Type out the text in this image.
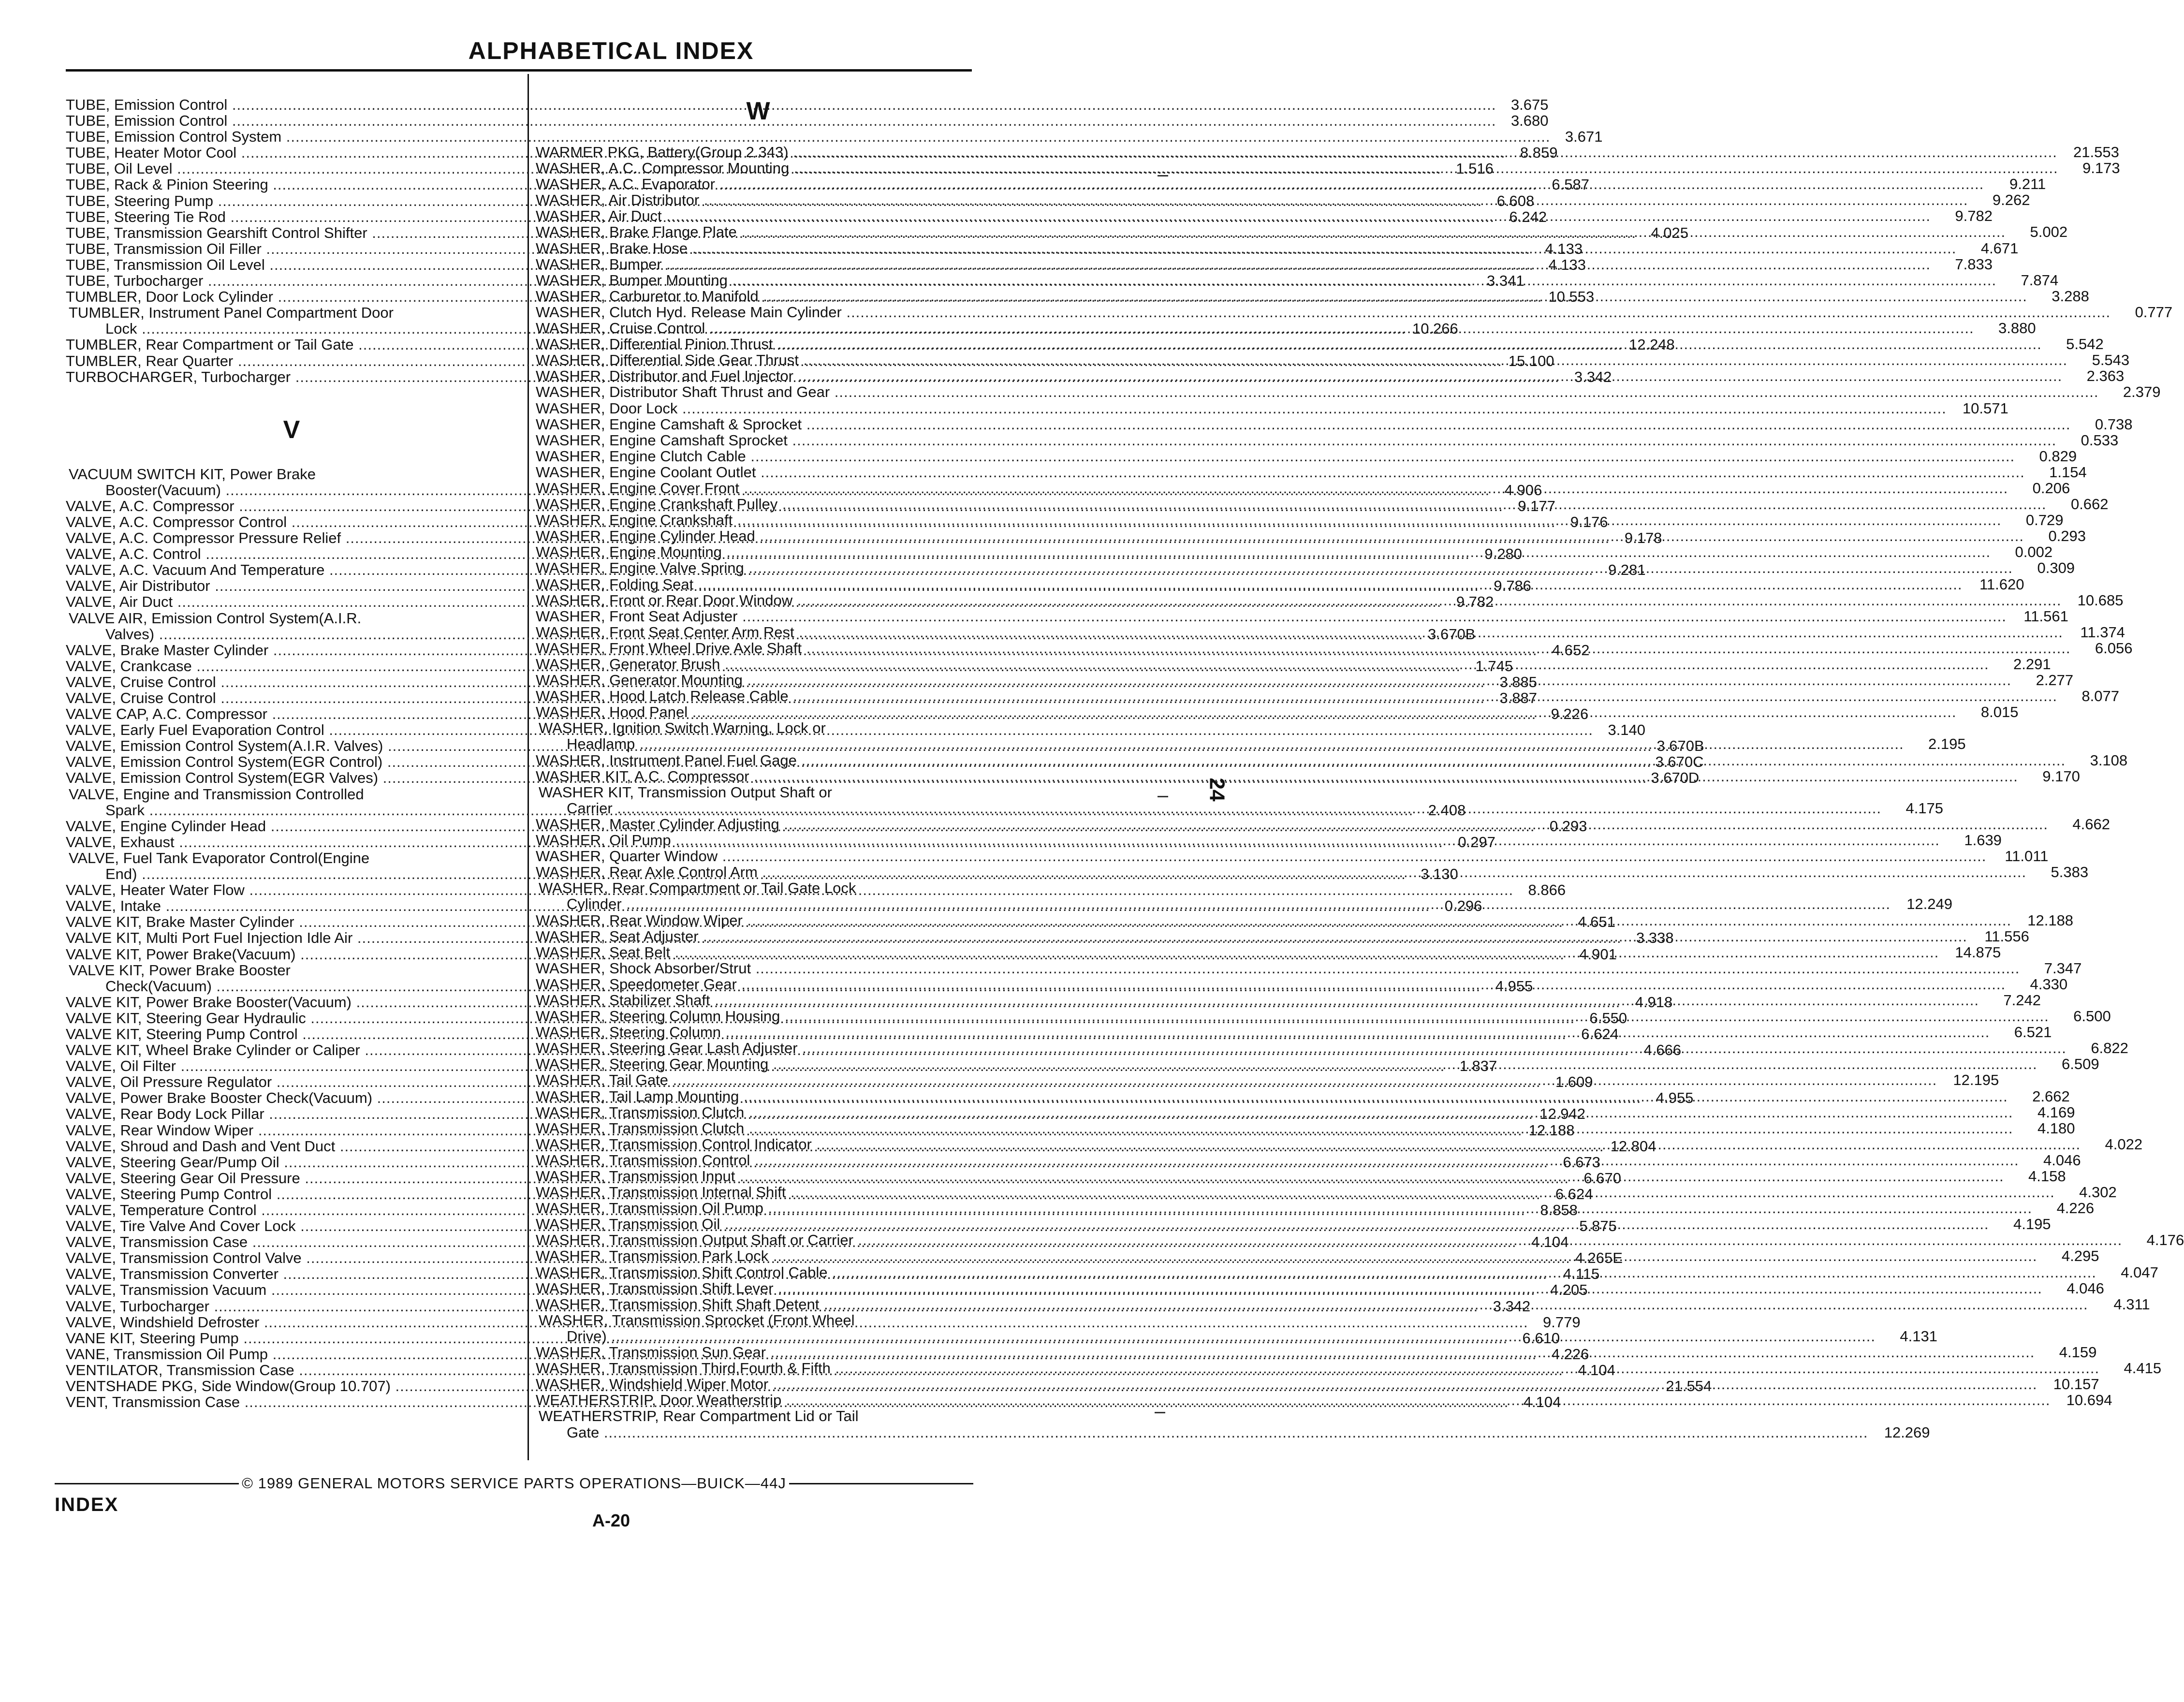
ALPHABETICAL INDEX
TUBE, Emission Control .....	3.675
TUBE, Emission Control .....	3.680
TUBE, Emission Control System .....	3.671
TUBE, Heater Motor Cool .....	8.859
TUBE, Oil Level .....	1.516
TUBE, Rack & Pinion Steering .....	6.587
TUBE, Steering Pump .....	6.608
TUBE, Steering Tie Rod .....	6.242
TUBE, Transmission Gearshift Control Shifter .....	4.025
TUBE, Transmission Oil Filler .....	4.133
TUBE, Transmission Oil Level .....	4.133
TUBE, Turbocharger .....	3.341
TUMBLER, Door Lock Cylinder .....	10.553
TUMBLER, Instrument Panel Compartment Door
Lock .....	10.266
TUMBLER, Rear Compartment or Tail Gate .....	12.248
TUMBLER, Rear Quarter .....	15.100
TURBOCHARGER, Turbocharger .....	3.342
V
VACUUM SWITCH KIT, Power Brake
Booster(Vacuum) .....	4.906
VALVE, A.C. Compressor .....	9.177
VALVE, A.C. Compressor Control .....	9.176
VALVE, A.C. Compressor Pressure Relief .....	9.178
VALVE, A.C. Control .....	9.280
VALVE, A.C. Vacuum And Temperature .....	9.281
VALVE, Air Distributor .....	9.786
VALVE, Air Duct .....	9.782
VALVE AIR, Emission Control System(A.I.R.
Valves) .....	3.670B
VALVE, Brake Master Cylinder .....	4.652
VALVE, Crankcase .....	1.745
VALVE, Cruise Control .....	3.885
VALVE, Cruise Control .....	3.887
VALVE CAP, A.C. Compressor .....	9.226
VALVE, Early Fuel Evaporation Control .....	3.140
VALVE, Emission Control System(A.I.R. Valves) .....	3.670B
VALVE, Emission Control System(EGR Control) .....	3.670C
VALVE, Emission Control System(EGR Valves) .....	3.670D
VALVE, Engine and Transmission Controlled
Spark .....	2.408
VALVE, Engine Cylinder Head .....	0.293
VALVE, Exhaust .....	0.297
VALVE, Fuel Tank Evaporator Control(Engine
End) .....	3.130
VALVE, Heater Water Flow .....	8.866
VALVE, Intake .....	0.296
VALVE KIT, Brake Master Cylinder .....	4.651
VALVE KIT, Multi Port Fuel Injection Idle Air .....	3.338
VALVE KIT, Power Brake(Vacuum) .....	4.901
VALVE KIT, Power Brake Booster
Check(Vacuum) .....	4.955
VALVE KIT, Power Brake Booster(Vacuum) .....	4.918
VALVE KIT, Steering Gear Hydraulic .....	6.550
VALVE KIT, Steering Pump Control .....	6.624
VALVE KIT, Wheel Brake Cylinder or Caliper .....	4.666
VALVE, Oil Filter .....	1.837
VALVE, Oil Pressure Regulator .....	1.609
VALVE, Power Brake Booster Check(Vacuum) .....	4.955
VALVE, Rear Body Lock Pillar .....	12.942
VALVE, Rear Window Wiper .....	12.188
VALVE, Shroud and Dash and Vent Duct .....	12.804
VALVE, Steering Gear/Pump Oil .....	6.673
VALVE, Steering Gear Oil Pressure .....	6.670
VALVE, Steering Pump Control .....	6.624
VALVE, Temperature Control .....	8.858
VALVE, Tire Valve And Cover Lock .....	5.875
VALVE, Transmission Case .....	4.104
VALVE, Transmission Control Valve .....	4.265E
VALVE, Transmission Converter .....	4.115
VALVE, Transmission Vacuum .....	4.205
VALVE, Turbocharger .....	3.342
VALVE, Windshield Defroster .....	9.779
VANE KIT, Steering Pump .....	6.610
VANE, Transmission Oil Pump .....	4.226
VENTILATOR, Transmission Case .....	4.104
VENTSHADE PKG, Side Window(Group 10.707) .....	21.554
VENT, Transmission Case .....	4.104
W
WARMER PKG, Battery(Group 2.343) .....	21.553
WASHER, A.C. Compressor Mounting .....	9.173
WASHER, A.C. Evaporator .....	9.211
WASHER, Air Distributor .....	9.262
WASHER, Air Duct .....	9.782
WASHER, Brake Flange Plate .....	5.002
WASHER, Brake Hose .....	4.671
WASHER, Bumper .....	7.833
WASHER, Bumper Mounting .....	7.874
WASHER, Carburetor to Manifold .....	3.288
WASHER, Clutch Hyd. Release Main Cylinder .....	0.777
WASHER, Cruise Control .....	3.880
WASHER, Differential Pinion Thrust .....	5.542
WASHER, Differential Side Gear Thrust .....	5.543
WASHER, Distributor and Fuel Injector .....	2.363
WASHER, Distributor Shaft Thrust and Gear .....	2.379
WASHER, Door Lock .....	10.571
WASHER, Engine Camshaft & Sprocket .....	0.738
WASHER, Engine Camshaft Sprocket .....	0.533
WASHER, Engine Clutch Cable .....	0.829
WASHER, Engine Coolant Outlet .....	1.154
WASHER, Engine Cover Front .....	0.206
WASHER, Engine Crankshaft Pulley .....	0.662
WASHER, Engine Crankshaft .....	0.729
WASHER, Engine Cylinder Head .....	0.293
WASHER, Engine Mounting .....	0.002
WASHER, Engine Valve Spring .....	0.309
WASHER, Folding Seat .....	11.620
WASHER, Front or Rear Door Window .....	10.685
WASHER, Front Seat Adjuster .....	11.561
WASHER, Front Seat Center Arm Rest .....	11.374
WASHER, Front Wheel Drive Axle Shaft .....	6.056
WASHER, Generator Brush .....	2.291
WASHER, Generator Mounting .....	2.277
WASHER, Hood Latch Release Cable .....	8.077
WASHER, Hood Panel .....	8.015
WASHER, Ignition Switch Warning, Lock or
Headlamp .....	2.195
WASHER, Instrument Panel Fuel Gage .....	3.108
WASHER KIT, A.C. Compressor .....	9.170
WASHER KIT, Transmission Output Shaft or
Carrier .....	4.175
WASHER, Master Cylinder Adjusting .....	4.662
WASHER, Oil Pump .....	1.639
WASHER, Quarter Window .....	11.011
WASHER, Rear Axle Control Arm .....	5.383
WASHER, Rear Compartment or Tail Gate Lock
Cylinder .....	12.249
WASHER, Rear Window Wiper .....	12.188
WASHER, Seat Adjuster .....	11.556
WASHER, Seat Belt .....	14.875
WASHER, Shock Absorber/Strut .....	7.347
WASHER, Speedometer Gear .....	4.330
WASHER, Stabilizer Shaft .....	7.242
WASHER, Steering Column Housing .....	6.500
WASHER, Steering Column .....	6.521
WASHER, Steering Gear Lash Adjuster .....	6.822
WASHER, Steering Gear Mounting .....	6.509
WASHER, Tail Gate .....	12.195
WASHER, Tail Lamp Mounting .....	2.662
WASHER, Transmission Clutch .....	4.169
WASHER, Transmission Clutch .....	4.180
WASHER, Transmission Control Indicator .....	4.022
WASHER, Transmission Control .....	4.046
WASHER, Transmission Input .....	4.158
WASHER, Transmission Internal Shift .....	4.302
WASHER, Transmission Oil Pump .....	4.226
WASHER, Transmission Oil .....	4.195
WASHER, Transmission Output Shaft or Carrier .....	4.176
WASHER, Transmission Park Lock .....	4.295
WASHER, Transmission Shift Control Cable .....	4.047
WASHER, Transmission Shift Lever .....	4.046
WASHER, Transmission Shift Shaft Detent .....	4.311
WASHER, Transmission Sprocket (Front Wheel
Drive) .....	4.131
WASHER, Transmission Sun Gear .....	4.159
WASHER, Transmission Third,Fourth & Fifth .....	4.415
WASHER, Windshield Wiper Motor .....	10.157
WEATHERSTRIP, Door Weatherstrip .....	10.694
WEATHERSTRIP, Rear Compartment Lid or Tail
Gate .....	12.269
24
© 1989 GENERAL MOTORS SERVICE PARTS OPERATIONS—BUICK—44J
INDEX
A-20
